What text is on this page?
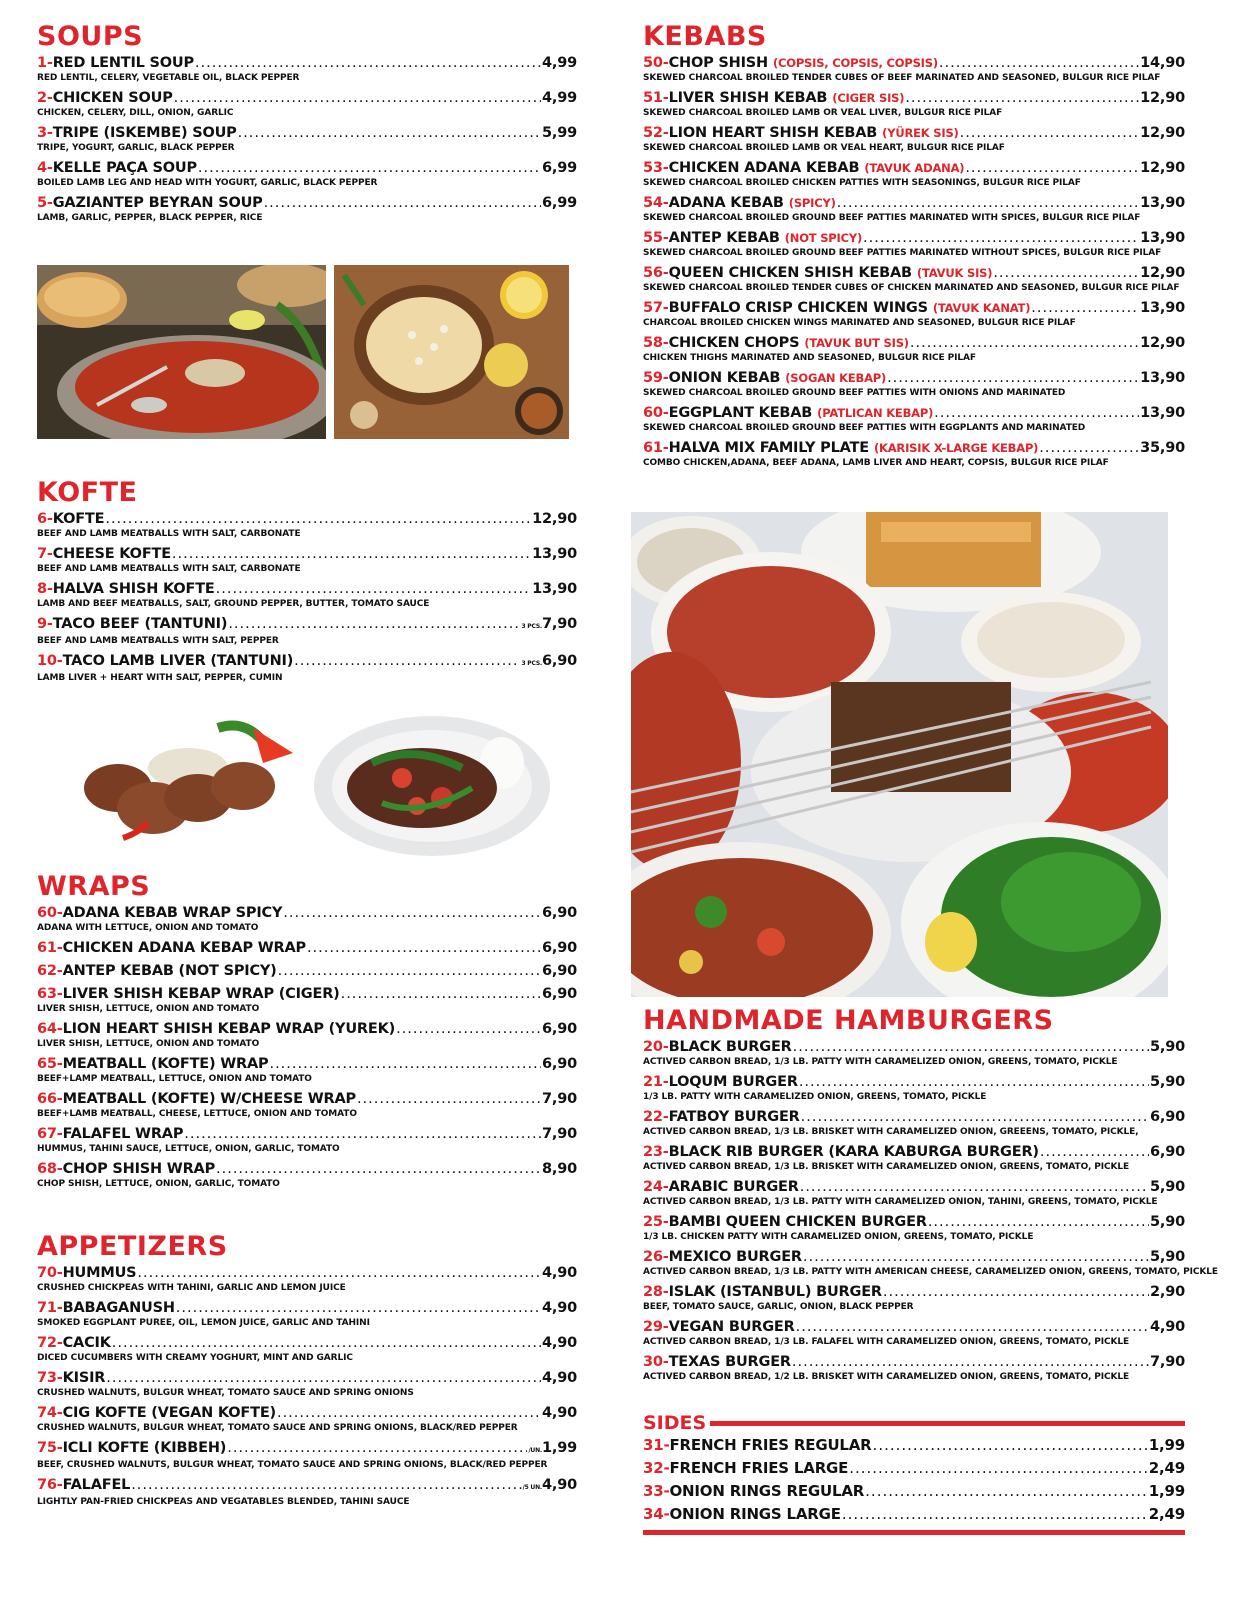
SOUPS
1- RED LENTIL SOUP .....	4,99
RED LENTIL, CELERY, VEGETABLE OIL, BLACK PEPPER
2- CHICKEN SOUP .....	4,99
CHICKEN, CELERY, DILL, ONION, GARLIC
3- TRIPE (ISKEMBE) SOUP .....	5,99
TRIPE, YOGURT, GARLIC, BLACK PEPPER
4- KELLE PAÇA SOUP .....	6,99
BOILED LAMB LEG AND HEAD WITH YOGURT, GARLIC, BLACK PEPPER
5- GAZIANTEP BEYRAN SOUP .....	6,99
LAMB, GARLIC, PEPPER, BLACK PEPPER, RICE
KOFTE
6- KOFTE .....	12,90
BEEF AND LAMB MEATBALLS WITH SALT, CARBONATE
7- CHEESE KOFTE .....	13,90
BEEF AND LAMB MEATBALLS WITH SALT, CARBONATE
8- HALVA SHISH KOFTE .....	13,90
LAMB AND BEEF MEATBALLS, SALT, GROUND PEPPER, BUTTER, TOMATO SAUCE
9- TACO BEEF (TANTUNI) .....	3 PCS. 7,90
BEEF AND LAMB MEATBALLS WITH SALT, PEPPER
10- TACO LAMB LIVER (TANTUNI) .....	3 PCS. 6,90
LAMB LIVER + HEART WITH SALT, PEPPER, CUMIN
WRAPS
60- ADANA KEBAB WRAP SPICY .....	6,90
ADANA WITH LETTUCE, ONION AND TOMATO
61- CHICKEN ADANA KEBAP WRAP .....	6,90
62- ANTEP KEBAB (NOT SPICY) .....	6,90
63- LIVER SHISH KEBAP WRAP (CIGER) .....	6,90
LIVER SHISH, LETTUCE, ONION AND TOMATO
64- LION HEART SHISH KEBAP WRAP (YUREK) .....	6,90
LIVER SHISH, LETTUCE, ONION AND TOMATO
65- MEATBALL (KOFTE) WRAP .....	6,90
BEEF+LAMP MEATBALL, LETTUCE, ONION AND TOMATO
66- MEATBALL (KOFTE) W/CHEESE WRAP .....	7,90
BEEF+LAMB MEATBALL, CHEESE, LETTUCE, ONION AND TOMATO
67- FALAFEL WRAP .....	7,90
HUMMUS, TAHINI SAUCE, LETTUCE, ONION, GARLIC, TOMATO
68- CHOP SHISH WRAP .....	8,90
CHOP SHISH, LETTUCE, ONION, GARLIC, TOMATO
APPETIZERS
70- HUMMUS .....	4,90
CRUSHED CHICKPEAS WITH TAHINI, GARLIC AND LEMON JUICE
71- BABAGANUSH .....	4,90
SMOKED EGGPLANT PUREE, OIL, LEMON JUICE, GARLIC AND TAHINI
72- CACIK .....	4,90
DICED CUCUMBERS WITH CREAMY YOGHURT, MINT AND GARLIC
73- KISIR .....	4,90
CRUSHED WALNUTS, BULGUR WHEAT, TOMATO SAUCE AND SPRING ONIONS
74- CIG KOFTE (VEGAN KOFTE) .....	4,90
CRUSHED WALNUTS, BULGUR WHEAT, TOMATO SAUCE AND SPRING ONIONS, BLACK/RED PEPPER
75- ICLI KOFTE (KIBBEH) .....	/UN. 1,99
BEEF, CRUSHED WALNUTS, BULGUR WHEAT, TOMATO SAUCE AND SPRING ONIONS, BLACK/RED PEPPER
76- FALAFEL .....	/5 UN. 4,90
LIGHTLY PAN-FRIED CHICKPEAS AND VEGATABLES BLENDED, TAHINI SAUCE
KEBABS
50- CHOP SHISH (COPSIS, COPSIS, COPSIS) .....	14,90
SKEWED CHARCOAL BROILED TENDER CUBES OF BEEF MARINATED AND SEASONED, BULGUR RICE PILAF
51- LIVER SHISH KEBAB (CIGER SIS) .....	12,90
SKEWED CHARCOAL BROILED LAMB OR VEAL LIVER, BULGUR RICE PILAF
52- LION HEART SHISH KEBAB (YÜREK SIS) .....	12,90
SKEWED CHARCOAL BROILED LAMB OR VEAL HEART, BULGUR RICE PILAF
53- CHICKEN ADANA KEBAB (TAVUK ADANA) .....	12,90
SKEWED CHARCOAL BROILED CHICKEN PATTIES WITH SEASONINGS, BULGUR RICE PILAF
54- ADANA KEBAB (SPICY) .....	13,90
SKEWED CHARCOAL BROILED GROUND BEEF PATTIES MARINATED WITH SPICES, BULGUR RICE PILAF
55- ANTEP KEBAB (NOT SPICY) .....	13,90
SKEWED CHARCOAL BROILED GROUND BEEF PATTIES MARINATED WITHOUT SPICES, BULGUR RICE PILAF
56- QUEEN CHICKEN SHISH KEBAB (TAVUK SIS) .....	12,90
SKEWED CHARCOAL BROILED TENDER CUBES OF CHICKEN MARINATED AND SEASONED, BULGUR RICE PILAF
57- BUFFALO CRISP CHICKEN WINGS (TAVUK KANAT) .....	13,90
CHARCOAL BROILED CHICKEN WINGS MARINATED AND SEASONED, BULGUR RICE PILAF
58- CHICKEN CHOPS (TAVUK BUT SIS) .....	12,90
CHICKEN THIGHS MARINATED AND SEASONED, BULGUR RICE PILAF
59- ONION KEBAB (SOGAN KEBAP) .....	13,90
SKEWED CHARCOAL BROILED GROUND BEEF PATTIES WITH ONIONS AND MARINATED
60- EGGPLANT KEBAB (PATLICAN KEBAP) .....	13,90
SKEWED CHARCOAL BROILED GROUND BEEF PATTIES WITH EGGPLANTS AND MARINATED
61- HALVA MIX FAMILY PLATE (KARISIK X-LARGE KEBAP) .....	35,90
COMBO CHICKEN,ADANA, BEEF ADANA, LAMB LIVER AND HEART, COPSIS, BULGUR RICE PILAF
HANDMADE HAMBURGERS
20- BLACK BURGER .....	5,90
ACTIVED CARBON BREAD, 1/3 LB. PATTY WITH CARAMELIZED ONION, GREENS, TOMATO, PICKLE
21- LOQUM BURGER .....	5,90
1/3 LB. PATTY WITH CARAMELIZED ONION, GREENS, TOMATO, PICKLE
22- FATBOY BURGER .....	6,90
ACTIVED CARBON BREAD, 1/3 LB. BRISKET WITH CARAMELIZED ONION, GREEENS, TOMATO, PICKLE,
23- BLACK RIB BURGER (KARA KABURGA BURGER) .....	6,90
ACTIVED CARBON BREAD, 1/3 LB. BRISKET WITH CARAMELIZED ONION, GREENS, TOMATO, PICKLE
24- ARABIC BURGER .....	5,90
ACTIVED CARBON BREAD, 1/3 LB. PATTY WITH CARAMELIZED ONION, TAHINI, GREENS, TOMATO, PICKLE
25- BAMBI QUEEN CHICKEN BURGER .....	5,90
1/3 LB. CHICKEN PATTY WITH CARAMELIZED ONION, GREENS, TOMATO, PICKLE
26- MEXICO BURGER .....	5,90
ACTIVED CARBON BREAD, 1/3 LB. PATTY WITH AMERICAN CHEESE, CARAMELIZED ONION, GREENS, TOMATO, PICKLE
28- ISLAK (ISTANBUL) BURGER .....	2,90
BEEF, TOMATO SAUCE, GARLIC, ONION, BLACK PEPPER
29- VEGAN BURGER .....	4,90
ACTIVED CARBON BREAD, 1/3 LB. FALAFEL WITH CARAMELIZED ONION, GREENS, TOMATO, PICKLE
30- TEXAS BURGER .....	7,90
ACTIVED CARBON BREAD, 1/2 LB. BRISKET WITH CARAMELIZED ONION, GREENS, TOMATO, PICKLE
SIDES
31- FRENCH FRIES REGULAR .....	1,99
32- FRENCH FRIES LARGE .....	2,49
33- ONION RINGS REGULAR .....	1,99
34- ONION RINGS LARGE .....	2,49
